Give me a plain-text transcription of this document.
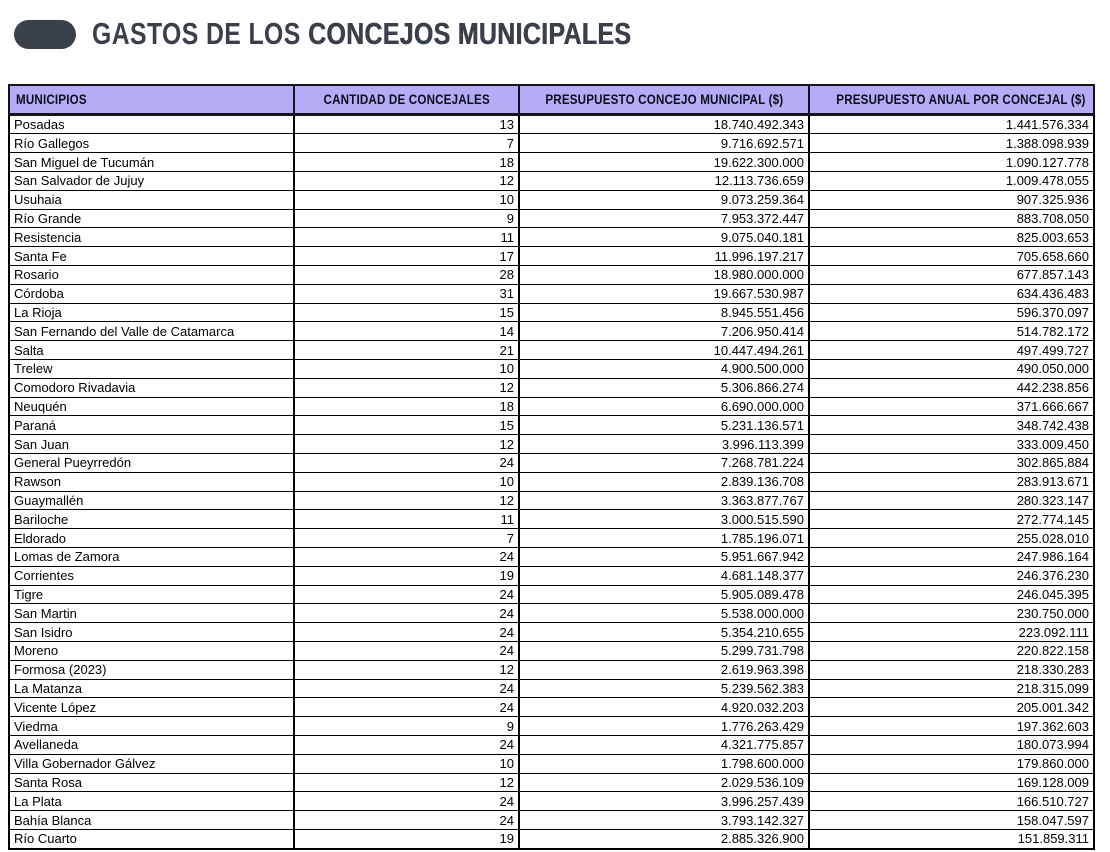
GASTOS DE LOS CONCEJOS MUNICIPALES
MUNICIPIOS	CANTIDAD DE CONCEJALES	PRESUPUESTO CONCEJO MUNICIPAL ($)	PRESUPUESTO ANUAL POR CONCEJAL ($)
Posadas	13	18.740.492.343	1.441.576.334
Río Gallegos	7	9.716.692.571	1.388.098.939
San Miguel de Tucumán	18	19.622.300.000	1.090.127.778
San Salvador de Jujuy	12	12.113.736.659	1.009.478.055
Usuhaia	10	9.073.259.364	907.325.936
Río Grande	9	7.953.372.447	883.708.050
Resistencia	11	9.075.040.181	825.003.653
Santa Fe	17	11.996.197.217	705.658.660
Rosario	28	18.980.000.000	677.857.143
Córdoba	31	19.667.530.987	634.436.483
La Rioja	15	8.945.551.456	596.370.097
San Fernando del Valle de Catamarca	14	7.206.950.414	514.782.172
Salta	21	10.447.494.261	497.499.727
Trelew	10	4.900.500.000	490.050.000
Comodoro Rivadavia	12	5.306.866.274	442.238.856
Neuquén	18	6.690.000.000	371.666.667
Paraná	15	5.231.136.571	348.742.438
San Juan	12	3.996.113.399	333.009.450
General Pueyrredón	24	7.268.781.224	302.865.884
Rawson	10	2.839.136.708	283.913.671
Guaymallén	12	3.363.877.767	280.323.147
Bariloche	11	3.000.515.590	272.774.145
Eldorado	7	1.785.196.071	255.028.010
Lomas de Zamora	24	5.951.667.942	247.986.164
Corrientes	19	4.681.148.377	246.376.230
Tigre	24	5.905.089.478	246.045.395
San Martin	24	5.538.000.000	230.750.000
San Isidro	24	5.354.210.655	223.092.111
Moreno	24	5.299.731.798	220.822.158
Formosa (2023)	12	2.619.963.398	218.330.283
La Matanza	24	5.239.562.383	218.315.099
Vicente López	24	4.920.032.203	205.001.342
Viedma	9	1.776.263.429	197.362.603
Avellaneda	24	4.321.775.857	180.073.994
Villa Gobernador Gálvez	10	1.798.600.000	179.860.000
Santa Rosa	12	2.029.536.109	169.128.009
La Plata	24	3.996.257.439	166.510.727
Bahía Blanca	24	3.793.142.327	158.047.597
Río Cuarto	19	2.885.326.900	151.859.311
